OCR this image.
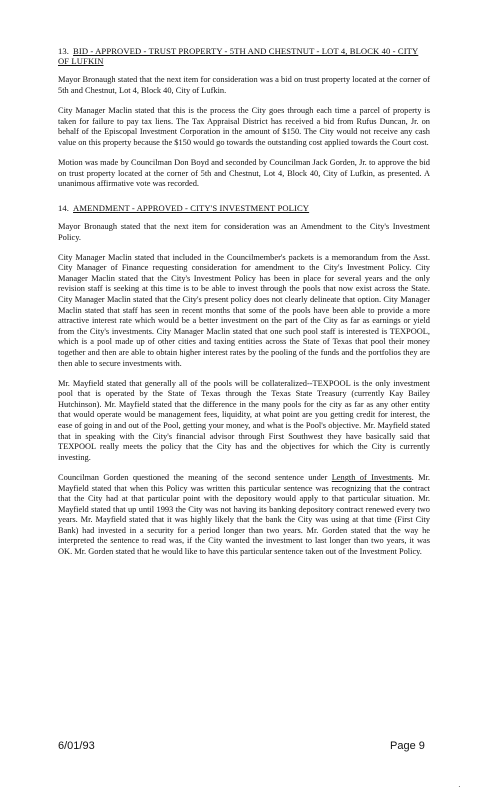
13. BID - APPROVED - TRUST PROPERTY - 5TH AND CHESTNUT - LOT 4, BLOCK 40 - CITY OF LUFKIN

Mayor Bronaugh stated that the next item for consideration was a bid on trust property located at the corner of 5th and Chestnut, Lot 4, Block 40, City of Lufkin.

City Manager Maclin stated that this is the process the City goes through each time a parcel of property is taken for failure to pay tax liens. The Tax Appraisal District has received a bid from Rufus Duncan, Jr. on behalf of the Episcopal Investment Corporation in the amount of $150. The City would not receive any cash value on this property because the $150 would go towards the outstanding cost applied towards the Court cost.

Motion was made by Councilman Don Boyd and seconded by Councilman Jack Gorden, Jr. to approve the bid on trust property located at the corner of 5th and Chestnut, Lot 4, Block 40, City of Lufkin, as presented. A unanimous affirmative vote was recorded.

14. AMENDMENT - APPROVED - CITY'S INVESTMENT POLICY

Mayor Bronaugh stated that the next item for consideration was an Amendment to the City's Investment Policy.

City Manager Maclin stated that included in the Councilmember's packets is a memorandum from the Asst. City Manager of Finance requesting consideration for amendment to the City's Investment Policy. City Manager Maclin stated that the City's Investment Policy has been in place for several years and the only revision staff is seeking at this time is to be able to invest through the pools that now exist across the State. City Manager Maclin stated that the City's present policy does not clearly delineate that option. City Manager Maclin stated that staff has seen in recent months that some of the pools have been able to provide a more attractive interest rate which would be a better investment on the part of the City as far as earnings or yield from the City's investments. City Manager Maclin stated that one such pool staff is interested is TEXPOOL, which is a pool made up of other cities and taxing entities across the State of Texas that pool their money together and then are able to obtain higher interest rates by the pooling of the funds and the portfolios they are then able to secure investments with.

Mr. Mayfield stated that generally all of the pools will be collateralized--TEXPOOL is the only investment pool that is operated by the State of Texas through the Texas State Treasury (currently Kay Bailey Hutchinson). Mr. Mayfield stated that the difference in the many pools for the city as far as any other entity that would operate would be management fees, liquidity, at what point are you getting credit for interest, the ease of going in and out of the Pool, getting your money, and what is the Pool's objective. Mr. Mayfield stated that in speaking with the City's financial advisor through First Southwest they have basically said that TEXPOOL really meets the policy that the City has and the objectives for which the City is currently investing.

Councilman Gorden questioned the meaning of the second sentence under Length of Investments. Mr. Mayfield stated that when this Policy was written this particular sentence was recognizing that the contract that the City had at that particular point with the depository would apply to that particular situation. Mr. Mayfield stated that up until 1993 the City was not having its banking depository contract renewed every two years. Mr. Mayfield stated that it was highly likely that the bank the City was using at that time (First City Bank) had invested in a security for a period longer than two years. Mr. Gorden stated that the way he interpreted the sentence to read was, if the City wanted the investment to last longer than two years, it was OK. Mr. Gorden stated that he would like to have this particular sentence taken out of the Investment Policy.

6/01/93	Page 9
·
